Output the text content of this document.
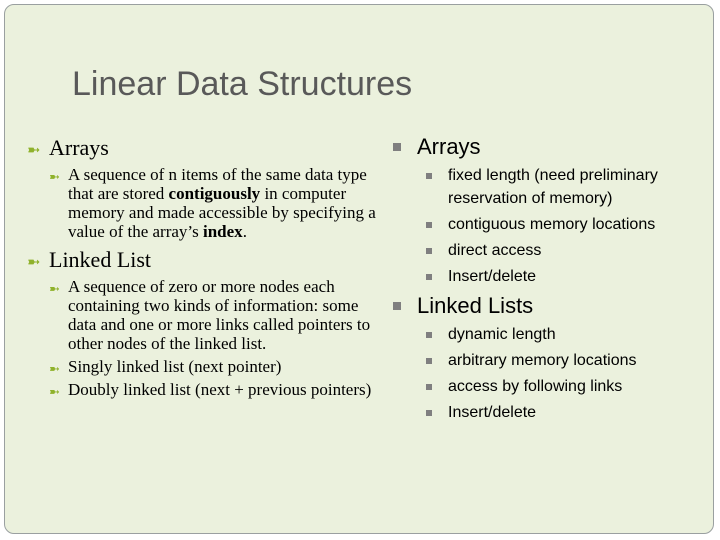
Linear Data Structures
➼ Arrays
➼ A sequence of n items of the same data type that are stored contiguously in computer memory and made accessible by specifying a value of the array’s index.
➼ Linked List
➼ A sequence of zero or more nodes each containing two kinds of information: some data and one or more links called pointers to other nodes of the linked list.
➼ Singly linked list (next pointer)
➼ Doubly linked list (next + previous pointers)
Arrays
fixed length (need preliminary reservation of memory)
contiguous memory locations
direct access
Insert/delete
Linked Lists
dynamic length
arbitrary memory locations
access by following links
Insert/delete
